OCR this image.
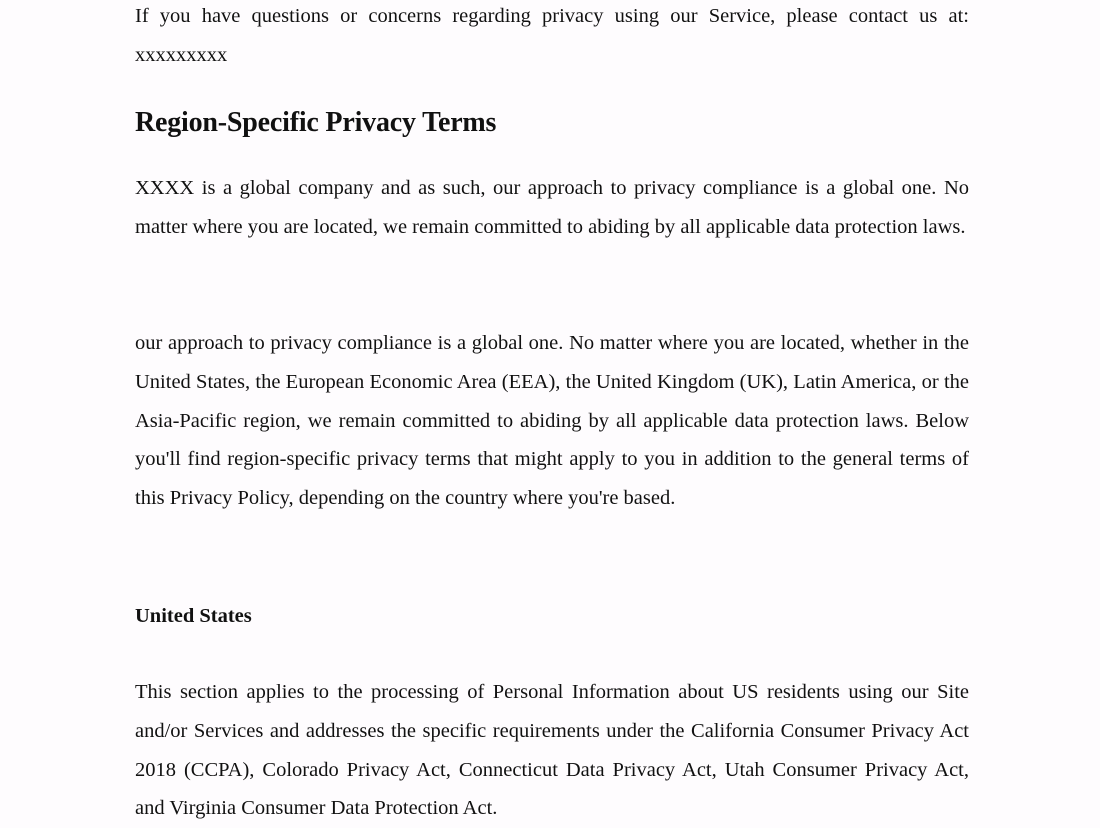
If you have questions or concerns regarding privacy using our Service, please contact us at: xxxxxxxxx

Region-Specific Privacy Terms

XXXX is a global company and as such, our approach to privacy compliance is a global one. No matter where you are located, we remain committed to abiding by all applicable data protection laws.

our approach to privacy compliance is a global one. No matter where you are located, whether in the United States, the European Economic Area (EEA), the United Kingdom (UK), Latin America, or the Asia-Pacific region, we remain committed to abiding by all applicable data protection laws. Below you'll find region-specific privacy terms that might apply to you in addition to the general terms of this Privacy Policy, depending on the country where you're based.

United States

This section applies to the processing of Personal Information about US residents using our Site and/or Services and addresses the specific requirements under the California Consumer Privacy Act 2018 (CCPA), Colorado Privacy Act, Connecticut Data Privacy Act, Utah Consumer Privacy Act, and Virginia Consumer Data Protection Act.
